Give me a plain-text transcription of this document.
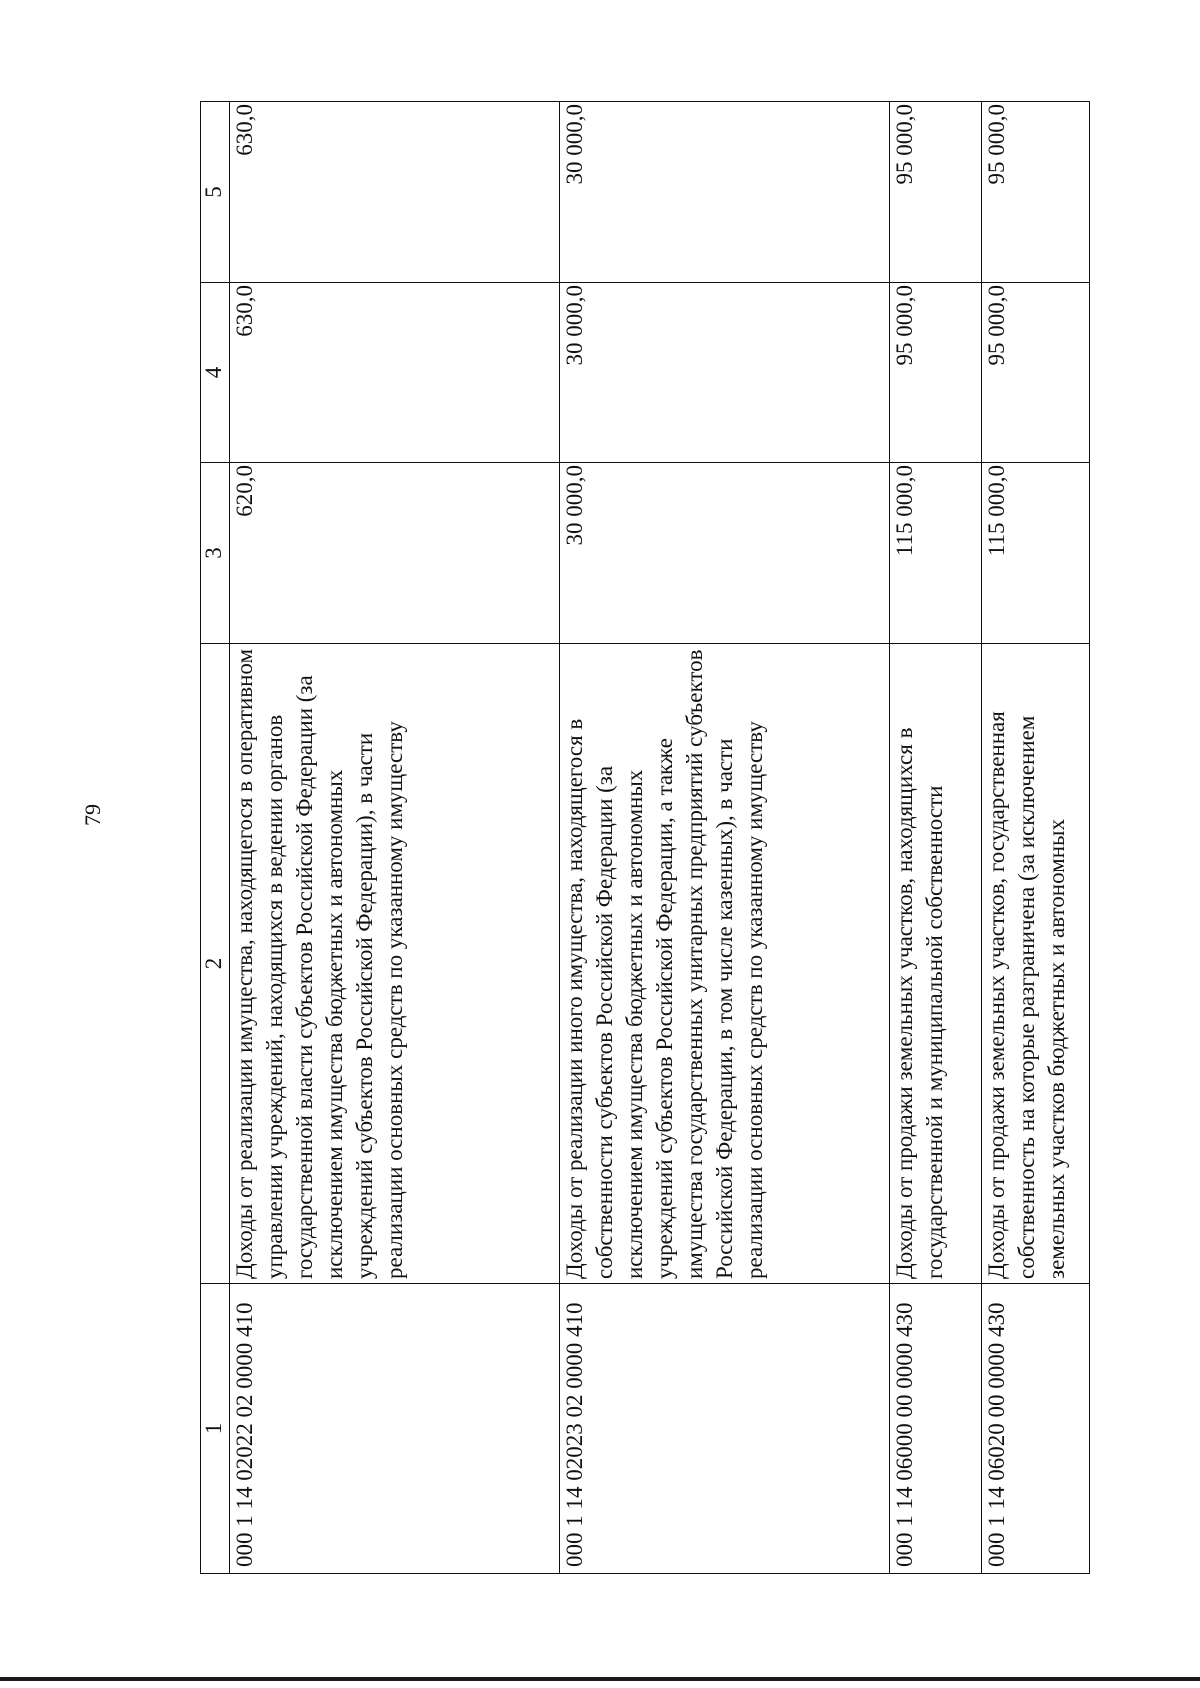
79
1	2	3	4	5
000 1 14 02022 02 0000 410	Доходы от реализации имущества, находящегося в оперативном управлении учреждений, находящихся в ведении органов государственной власти субъектов Российской Федерации (за исключением имущества бюджетных и автономных учреждений субъектов Российской Федерации), в части реализации основных средств по указанному имуществу	620,0	630,0	630,0
000 1 14 02023 02 0000 410	Доходы от реализации иного имущества, находящегося в собственности субъектов Российской Федерации (за исключением имущества бюджетных и автономных учреждений субъектов Российской Федерации, а также имущества государственных унитарных предприятий субъектов Российской Федерации, в том числе казенных), в части реализации основных средств по указанному имуществу	30 000,0	30 000,0	30 000,0
000 1 14 06000 00 0000 430	Доходы от продажи земельных участков, находящихся в государственной и муниципальной собственности	115 000,0	95 000,0	95 000,0
000 1 14 06020 00 0000 430	Доходы от продажи земельных участков, государственная собственность на которые разграничена (за исключением земельных участков бюджетных и автономных	115 000,0	95 000,0	95 000,0
